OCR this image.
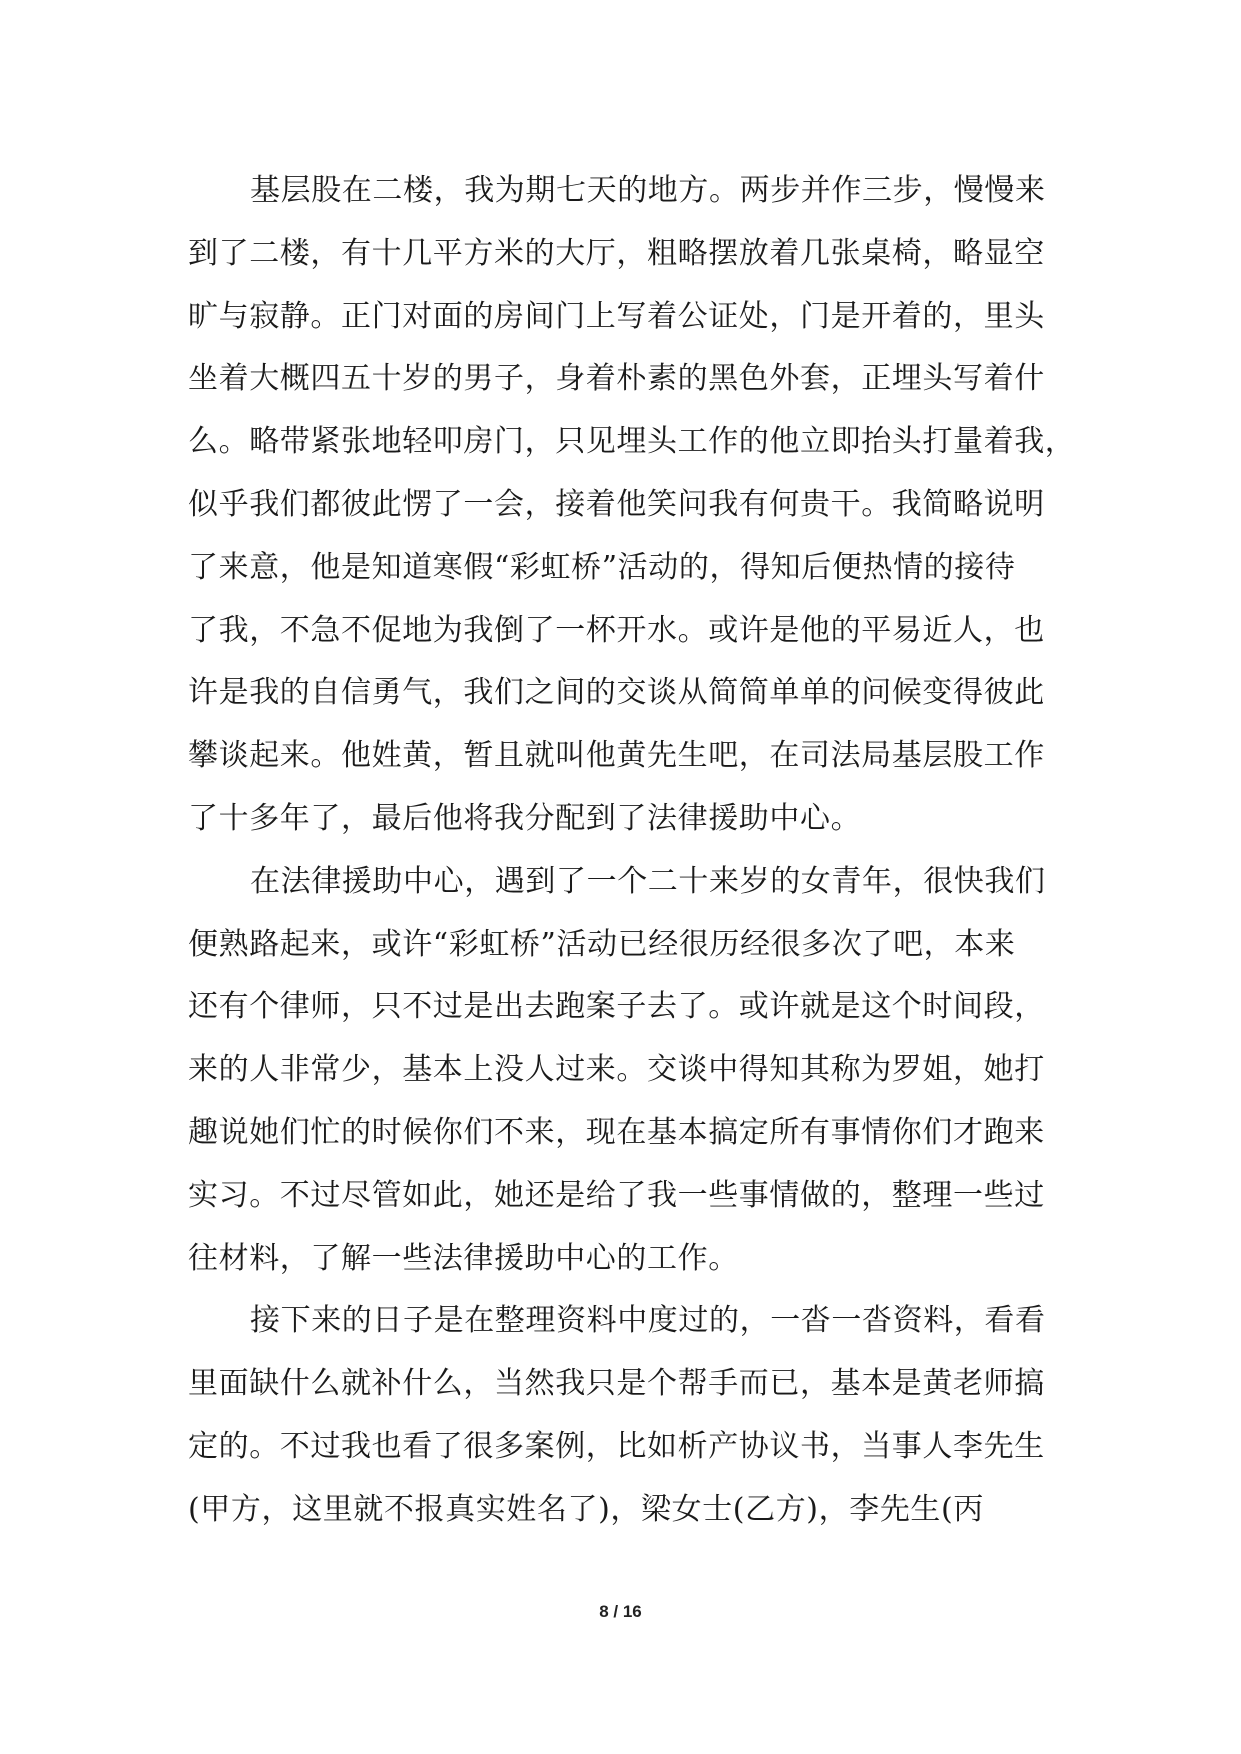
基层股在二楼，我为期七天的地方。两步并作三步，慢慢来
到了二楼，有十几平方米的大厅，粗略摆放着几张桌椅，略显空
旷与寂静。正门对面的房间门上写着公证处，门是开着的，里头
坐着大概四五十岁的男子，身着朴素的黑色外套，正埋头写着什
么。略带紧张地轻叩房门，只见埋头工作的他立即抬头打量着我，
似乎我们都彼此愣了一会，接着他笑问我有何贵干。我简略说明
了来意，他是知道寒假“彩虹桥”活动的，得知后便热情的接待
了我，不急不促地为我倒了一杯开水。或许是他的平易近人，也
许是我的自信勇气，我们之间的交谈从简简单单的问候变得彼此
攀谈起来。他姓黄，暂且就叫他黄先生吧，在司法局基层股工作
了十多年了，最后他将我分配到了法律援助中心。
在法律援助中心，遇到了一个二十来岁的女青年，很快我们
便熟路起来，或许“彩虹桥”活动已经很历经很多次了吧，本来
还有个律师，只不过是出去跑案子去了。或许就是这个时间段，
来的人非常少，基本上没人过来。交谈中得知其称为罗姐，她打
趣说她们忙的时候你们不来，现在基本搞定所有事情你们才跑来
实习。不过尽管如此，她还是给了我一些事情做的，整理一些过
往材料，了解一些法律援助中心的工作。
接下来的日子是在整理资料中度过的，一沓一沓资料，看看
里面缺什么就补什么，当然我只是个帮手而已，基本是黄老师搞
定的。不过我也看了很多案例，比如析产协议书，当事人李先生
(甲方，这里就不报真实姓名了)，梁女士(乙方)，李先生(丙
8 / 16
